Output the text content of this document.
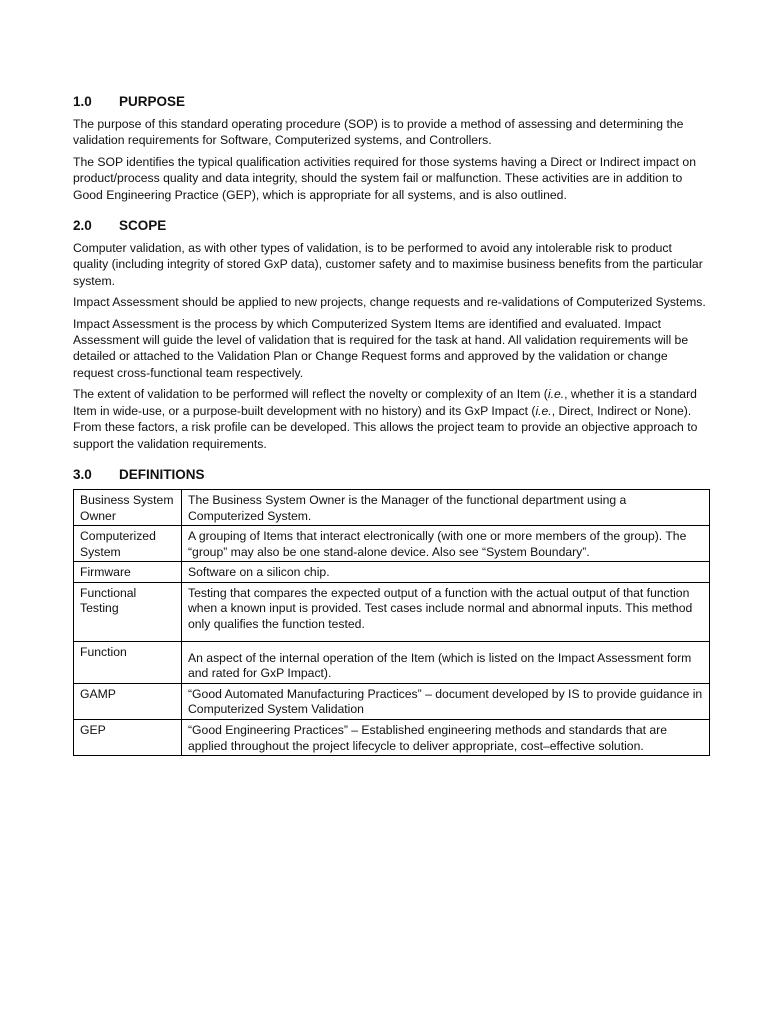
1.0	PURPOSE

The purpose of this standard operating procedure (SOP) is to provide a method of assessing and determining the validation requirements for Software, Computerized systems, and Controllers.

The SOP identifies the typical qualification activities required for those systems having a Direct or Indirect impact on product/process quality and data integrity, should the system fail or malfunction. These activities are in addition to Good Engineering Practice (GEP), which is appropriate for all systems, and is also outlined.

2.0	SCOPE

Computer validation, as with other types of validation, is to be performed to avoid any intolerable risk to product quality (including integrity of stored GxP data), customer safety and to maximise business benefits from the particular system.

Impact Assessment should be applied to new projects, change requests and re-validations of Computerized Systems.

Impact Assessment is the process by which Computerized System Items are identified and evaluated. Impact Assessment will guide the level of validation that is required for the task at hand. All validation requirements will be detailed or attached to the Validation Plan or Change Request forms and approved by the validation or change request cross-functional team respectively.

The extent of validation to be performed will reflect the novelty or complexity of an Item (i.e., whether it is a standard Item in wide-use, or a purpose-built development with no history) and its GxP Impact (i.e., Direct, Indirect or None). From these factors, a risk profile can be developed. This allows the project team to provide an objective approach to support the validation requirements.

3.0	DEFINITIONS
Business System Owner	The Business System Owner is the Manager of the functional department using a Computerized System.
Computerized System	A grouping of Items that interact electronically (with one or more members of the group). The “group” may also be one stand-alone device. Also see “System Boundary”.
Firmware	Software on a silicon chip.
Functional Testing	Testing that compares the expected output of a function with the actual output of that function when a known input is provided. Test cases include normal and abnormal inputs. This method only qualifies the function tested.
Function	An aspect of the internal operation of the Item (which is listed on the Impact Assessment form and rated for GxP Impact).
GAMP	“Good Automated Manufacturing Practices” – document developed by IS to provide guidance in Computerized System Validation
GEP	“Good Engineering Practices” – Established engineering methods and standards that are applied throughout the project lifecycle to deliver appropriate, cost–effective solution.
